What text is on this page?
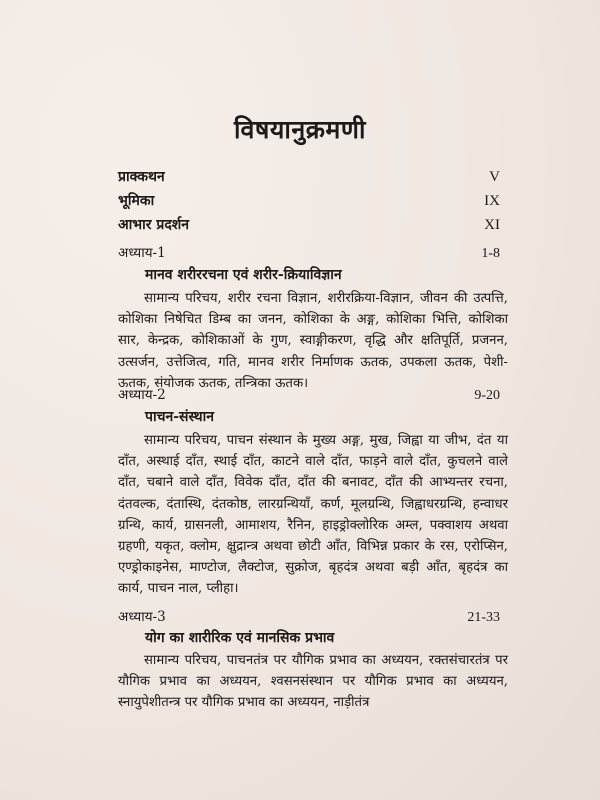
विषयानुक्रमणी
प्राक्कथन	V
भूमिका	IX
आभार प्रदर्शन	XI
अध्याय-1	1-8
मानव शरीररचना एवं शरीर-क्रियाविज्ञान
सामान्य परिचय, शरीर रचना विज्ञान, शरीरक्रिया-विज्ञान, जीवन की उत्पत्ति, कोशिका निषेचित डिम्ब का जनन, कोशिका के अङ्ग, कोशिका भित्ति, कोशिका सार, केन्द्रक, कोशिकाओं के गुण, स्वाङ्गीकरण, वृद्धि और क्षतिपूर्ति, प्रजनन, उत्सर्जन, उत्तेजित्व, गति, मानव शरीर निर्माणक ऊतक, उपकला ऊतक, पेशी-ऊतक, संयोजक ऊतक, तन्त्रिका ऊतक।
अध्याय-2	9-20
पाचन-संस्थान
सामान्य परिचय, पाचन संस्थान के मुख्य अङ्ग, मुख, जिह्वा या जीभ, दंत या दाँत, अस्थाई दाँत, स्थाई दाँत, काटने वाले दाँत, फाड़ने वाले दाँत, कुचलने वाले दाँत, चबाने वाले दाँत, विवेक दाँत, दाँत की बनावट, दाँत की आभ्यन्तर रचना, दंतवल्क, दंतास्थि, दंतकोष्ठ, लारग्रन्थियाँ, कर्ण, मूलग्रन्थि, जिह्वाधरग्रन्थि, हन्वाधर ग्रन्थि, कार्य, ग्रासनली, आमाशय, रैनिन, हाइड्रोक्लोरिक अम्ल, पक्वाशय अथवा ग्रहणी, यकृत, क्लोम, क्षुद्रान्त्र अथवा छोटी आँत, विभिन्न प्रकार के रस, एरोप्सिन, एण्ड्रोकाइनेस, माण्टोज, लैक्टोज, सुक्रोज, बृहदंत्र अथवा बड़ी आँत, बृहदंत्र का कार्य, पाचन नाल, प्लीहा।
अध्याय-3	21-33
योग का शारीरिक एवं मानसिक प्रभाव
सामान्य परिचय, पाचनतंत्र पर यौगिक प्रभाव का अध्ययन, रक्तसंचारतंत्र पर यौगिक प्रभाव का अध्ययन, श्वसनसंस्थान पर यौगिक प्रभाव का अध्ययन, स्नायुपेशीतन्त्र पर यौगिक प्रभाव का अध्ययन, नाड़ीतंत्र
